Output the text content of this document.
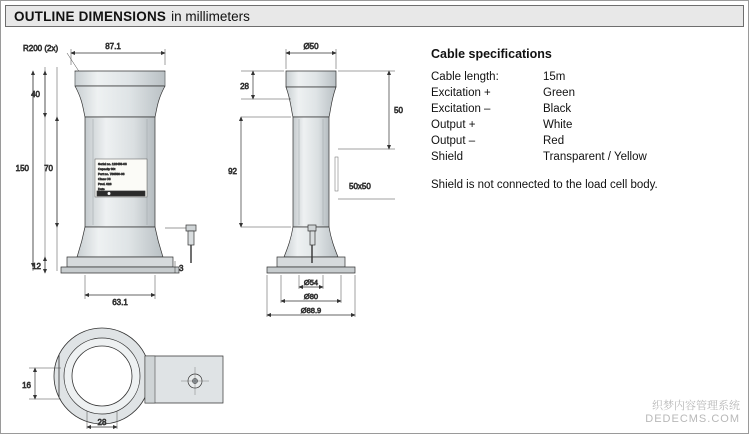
OUTLINE DIMENSIONS in millimeters
87.1
R200 (2x)
Serial no. 123456-03
Capacity 30t
Part no. 786560-03
Class C3
Prod. 026
Date
40
150 70
12	3
63.1
Ø50
28
92
50
50x50
Ø54
Ø80
Ø88.9
16
28
Cable specifications
Cable length:	15m
Excitation +	Green
Excitation –	Black
Output +	White
Output –	Red
Shield	Transparent / Yellow
Shield is not connected to the load cell body.
织梦内容管理系统
DEDECMS.COM
